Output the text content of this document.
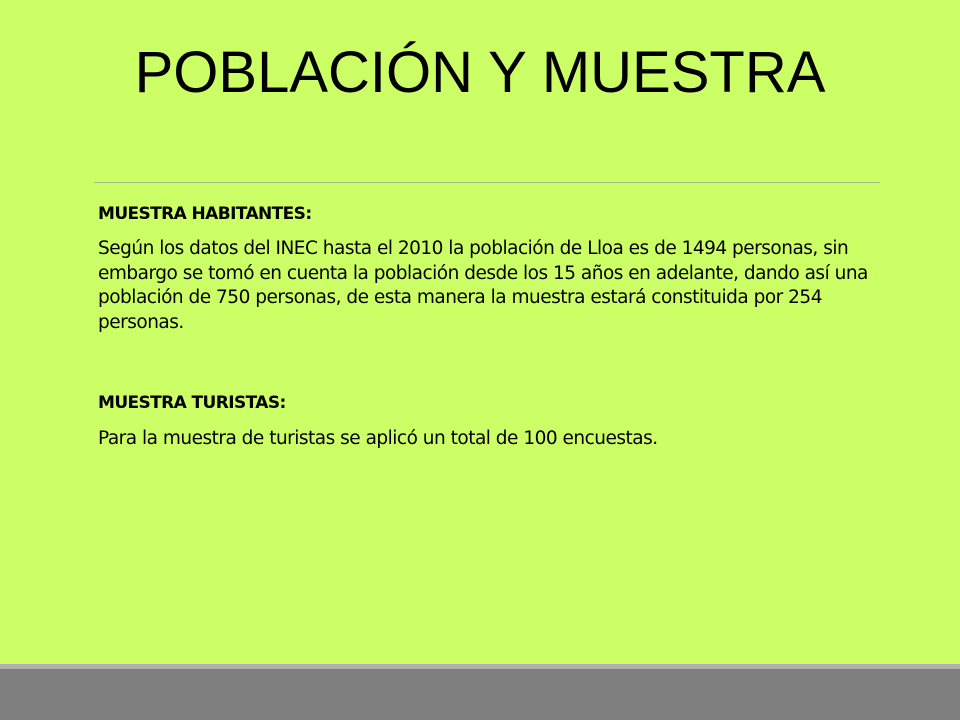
POBLACIÓN Y MUESTRA

MUESTRA HABITANTES:

Según los datos del INEC hasta el 2010 la población de Lloa es de 1494 personas, sin embargo se tomó en cuenta la población desde los 15 años en adelante, dando así una población de 750 personas, de esta manera la muestra estará constituida por 254 personas.

MUESTRA TURISTAS:

Para la muestra de turistas se aplicó un total de 100 encuestas.
